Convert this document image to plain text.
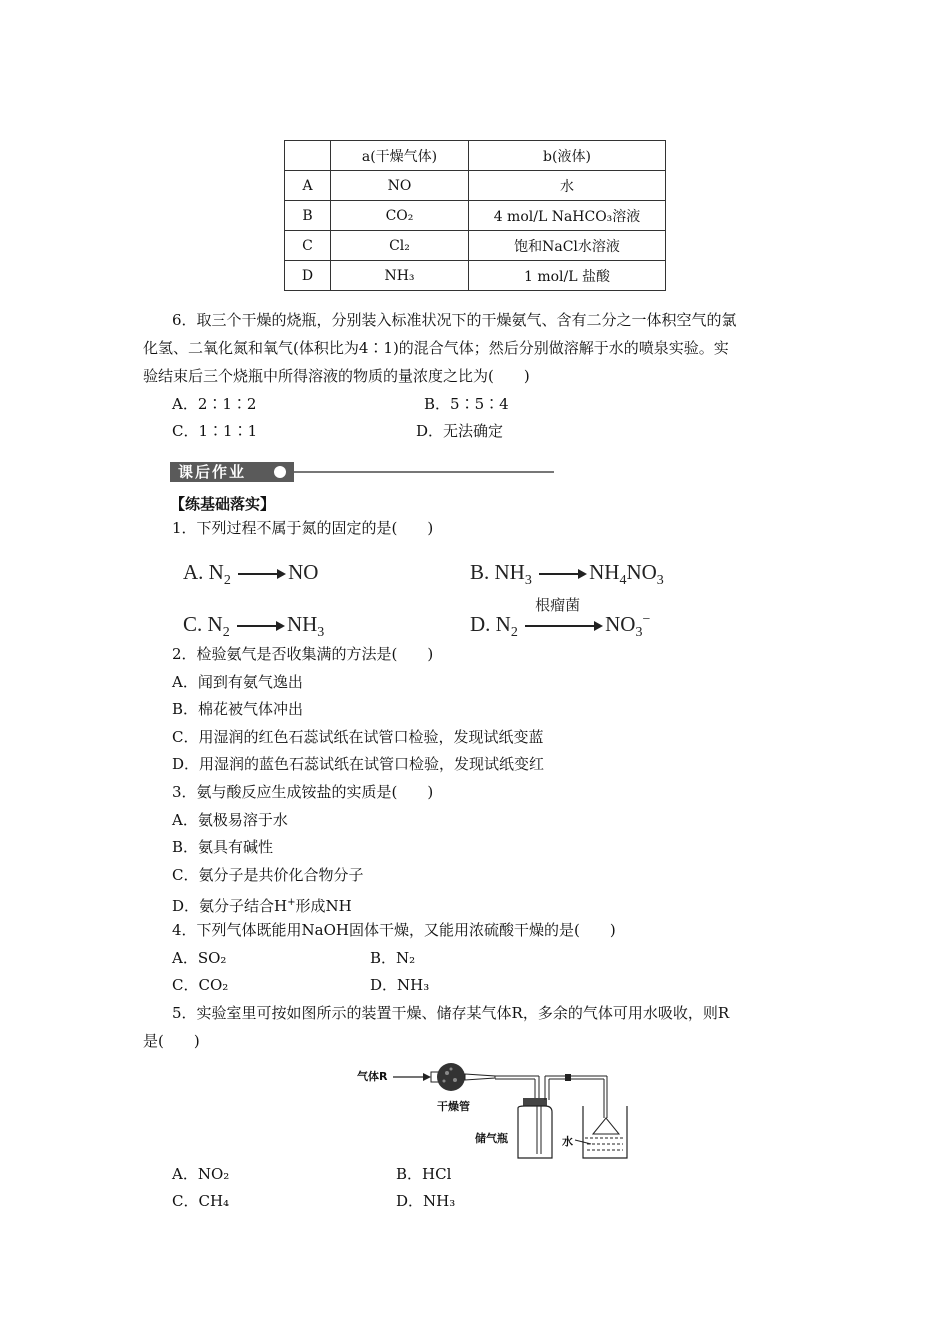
	a(干燥气体)	b(液体)
A	NO	水
B	CO₂	4 mol/L NaHCO₃溶液
C	Cl₂	饱和NaCl水溶液
D	NH₃	1 mol/L 盐酸
6．取三个干燥的烧瓶，分别装入标准状况下的干燥氨气、含有二分之一体积空气的氯
化氢、二氧化氮和氧气(体积比为4∶1)的混合气体；然后分别做溶解于水的喷泉实验。实
验结束后三个烧瓶中所得溶液的物质的量浓度之比为(　　)
A．2∶1∶2	B．5∶5∶4
C．1∶1∶1	D．无法确定
课后作业
【练基础落实】
1．下列过程不属于氮的固定的是(　　)
A. $N_2$	NO	B. $NH_3$	$NH_4NO_3$
C. $N_2$	$NH_3$	D. $N_2$
根瘤菌
$NO_3^-$
2．检验氨气是否收集满的方法是(　　)
A．闻到有氨气逸出
B．棉花被气体冲出
C．用湿润的红色石蕊试纸在试管口检验，发现试纸变蓝
D．用湿润的蓝色石蕊试纸在试管口检验，发现试纸变红
3．氨与酸反应生成铵盐的实质是(　　)
A．氨极易溶于水
B．氨具有碱性
C．氨分子是共价化合物分子
D．氨分子结合H+形成NH
4．下列气体既能用NaOH固体干燥，又能用浓硫酸干燥的是(　　)
A．SO₂	B．N₂
C．CO₂	D．NH₃
5．实验室里可按如图所示的装置干燥、储存某气体R，多余的气体可用水吸收，则R
是(　　)
气体R
干燥管
储气瓶	水
A．NO₂	B．HCl
C．CH₄	D．NH₃
